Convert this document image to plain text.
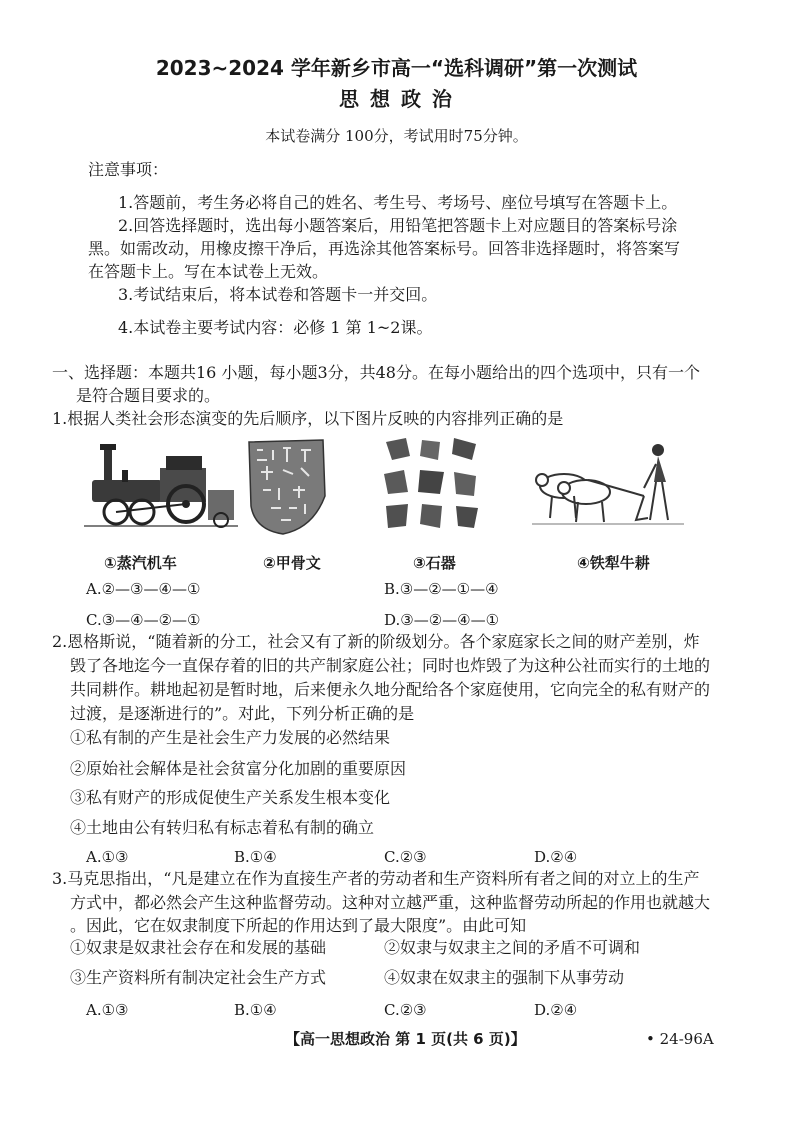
2023~2024 学年新乡市高一“选科调研”第一次测试
思 想 政 治
本试卷满分 100分，考试用时75分钟。
注意事项：
1.答题前，考生务必将自己的姓名、考生号、考场号、座位号填写在答题卡上。
2.回答选择题时，选出每小题答案后，用铅笔把答题卡上对应题目的答案标号涂
黑。如需改动，用橡皮擦干净后，再选涂其他答案标号。回答非选择题时，将答案写
在答题卡上。写在本试卷上无效。
3.考试结束后，将本试卷和答题卡一并交回。
4.本试卷主要考试内容：必修 1 第 1~2课。
一、选择题：本题共16 小题，每小题3分，共48分。在每小题给出的四个选项中，只有一个
是符合题目要求的。
1.根据人类社会形态演变的先后顺序，以下图片反映的内容排列正确的是
①蒸汽机车	②甲骨文	③石器	④铁犁牛耕
A.②—③—④—①	B.③—②—①—④
C.③—④—②—①	D.③—②—④—①
2.恩格斯说，“随着新的分工，社会又有了新的阶级划分。各个家庭家长之间的财产差别，炸
毁了各地迄今一直保存着的旧的共产制家庭公社；同时也炸毁了为这种公社而实行的土地的
共同耕作。耕地起初是暂时地，后来便永久地分配给各个家庭使用，它向完全的私有财产的
过渡，是逐渐进行的”。对此，下列分析正确的是
①私有制的产生是社会生产力发展的必然结果
②原始社会解体是社会贫富分化加剧的重要原因
③私有财产的形成促使生产关系发生根本变化
④土地由公有转归私有标志着私有制的确立
A.①③	B.①④	C.②③	D.②④
3.马克思指出，“凡是建立在作为直接生产者的劳动者和生产资料所有者之间的对立上的生产
方式中，都必然会产生这种监督劳动。这种对立越严重，这种监督劳动所起的作用也就越大
。因此，它在奴隶制度下所起的作用达到了最大限度”。由此可知
①奴隶是奴隶社会存在和发展的基础	②奴隶与奴隶主之间的矛盾不可调和
③生产资料所有制决定社会生产方式	④奴隶在奴隶主的强制下从事劳动
A.①③	B.①④	C.②③	D.②④
【高一思想政治 第 1 页(共 6 页)】	• 24-96A
